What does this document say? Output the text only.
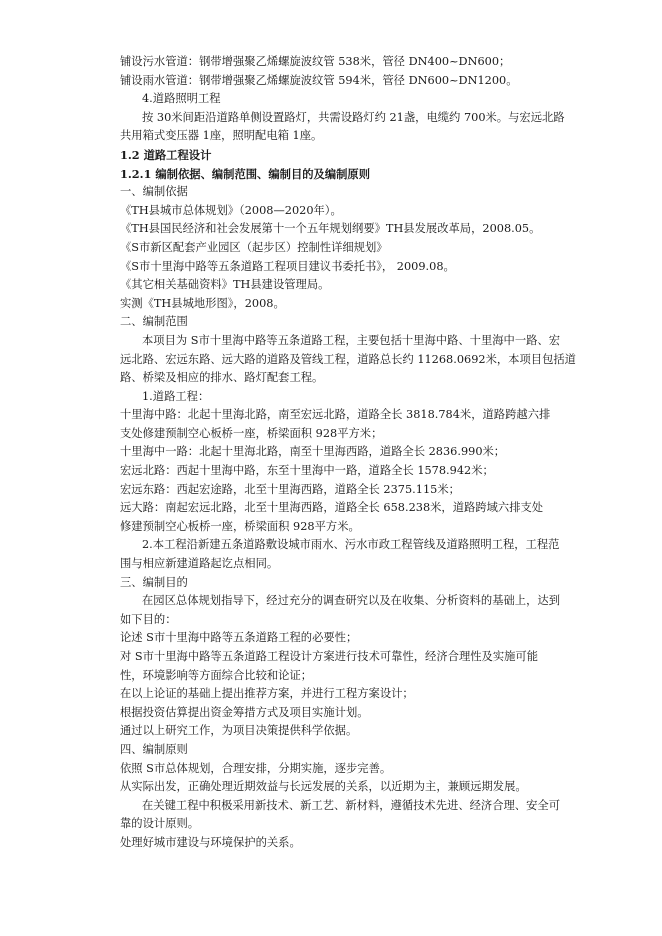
铺设污水管道：钢带增强聚乙烯螺旋波纹管 538米，管径 DN400~DN600；

铺设雨水管道：钢带增强聚乙烯螺旋波纹管 594米，管径 DN600~DN1200。

4.道路照明工程

按 30米间距沿道路单侧设置路灯，共需设路灯约 21盏，电缆约 700米。与宏远北路

共用箱式变压器 1座，照明配电箱 1座。

1.2 道路工程设计

1.2.1 编制依据、编制范围、编制目的及编制原则

一、编制依据

《TH县城市总体规划》（2008—2020年）。

《TH县国民经济和社会发展第十一个五年规划纲要》TH县发展改革局，2008.05。

《S市新区配套产业园区（起步区）控制性详细规划》

《S市十里海中路等五条道路工程项目建议书委托书》， 2009.08。

《其它相关基础资料》TH县建设管理局。

实测《TH县城地形图》，2008。

二、编制范围

本项目为 S市十里海中路等五条道路工程，主要包括十里海中路、十里海中一路、宏

远北路、宏远东路、远大路的道路及管线工程，道路总长约 11268.0692米，本项目包括道

路、桥梁及相应的排水、路灯配套工程。

1.道路工程：

十里海中路：北起十里海北路，南至宏远北路，道路全长 3818.784米，道路跨越六排

支处修建预制空心板桥一座，桥梁面积 928平方米；

十里海中一路：北起十里海北路，南至十里海西路，道路全长 2836.990米；

宏远北路：西起十里海中路，东至十里海中一路，道路全长 1578.942米；

宏远东路：西起宏途路，北至十里海西路，道路全长 2375.115米；

远大路：南起宏远北路，北至十里海西路，道路全长 658.238米，道路跨域六排支处

修建预制空心板桥一座，桥梁面积 928平方米。

2.本工程沿新建五条道路敷设城市雨水、污水市政工程管线及道路照明工程，工程范

围与相应新建道路起讫点相同。

三、编制目的

在园区总体规划指导下，经过充分的调查研究以及在收集、分析资料的基础上，达到

如下目的：

论述 S市十里海中路等五条道路工程的必要性；

对 S市十里海中路等五条道路工程设计方案进行技术可靠性，经济合理性及实施可能

性，环境影响等方面综合比较和论证；

在以上论证的基础上提出推荐方案，并进行工程方案设计；

根据投资估算提出资金筹措方式及项目实施计划。

通过以上研究工作，为项目决策提供科学依据。

四、编制原则

依照 S市总体规划，合理安排，分期实施，逐步完善。

从实际出发，正确处理近期效益与长远发展的关系，以近期为主，兼顾远期发展。

在关键工程中积极采用新技术、新工艺、新材料，遵循技术先进、经济合理、安全可

靠的设计原则。

处理好城市建设与环境保护的关系。
